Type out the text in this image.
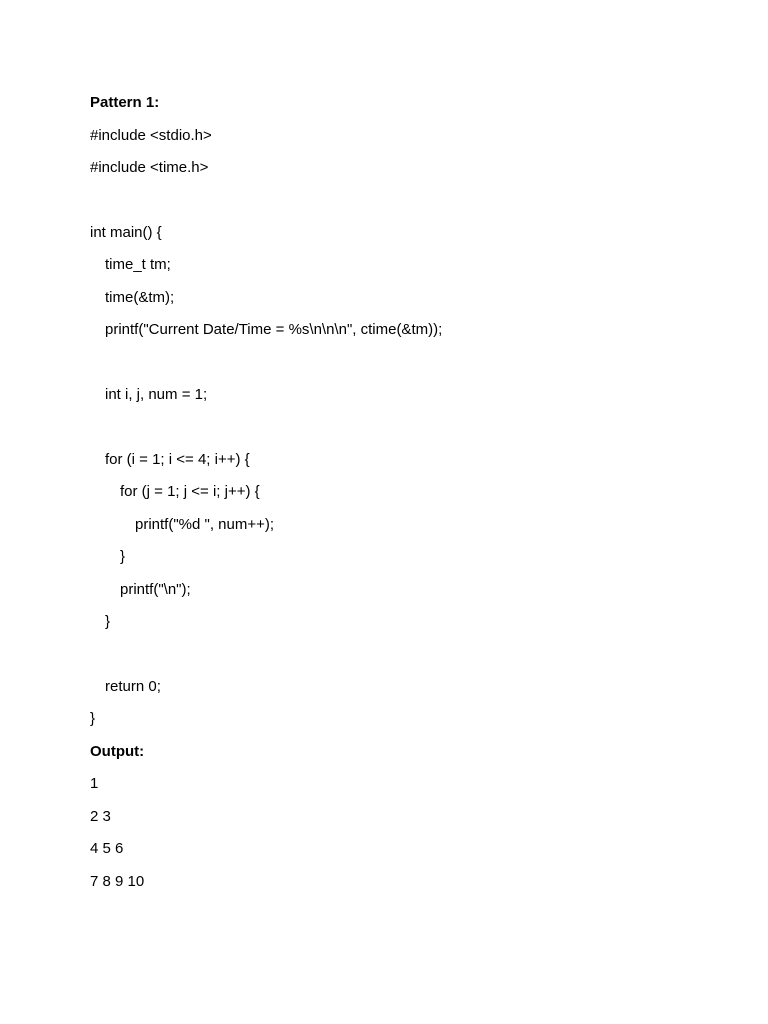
Pattern 1:
#include <stdio.h>
#include <time.h>
int main() {
time_t tm;
time(&tm);
printf("Current Date/Time = %s\n\n\n", ctime(&tm));
int i, j, num = 1;
for (i = 1; i <= 4; i++) {
for (j = 1; j <= i; j++) {
printf("%d ", num++);
}
printf("\n");
}
return 0;
}
Output:
1
2 3
4 5 6
7 8 9 10
